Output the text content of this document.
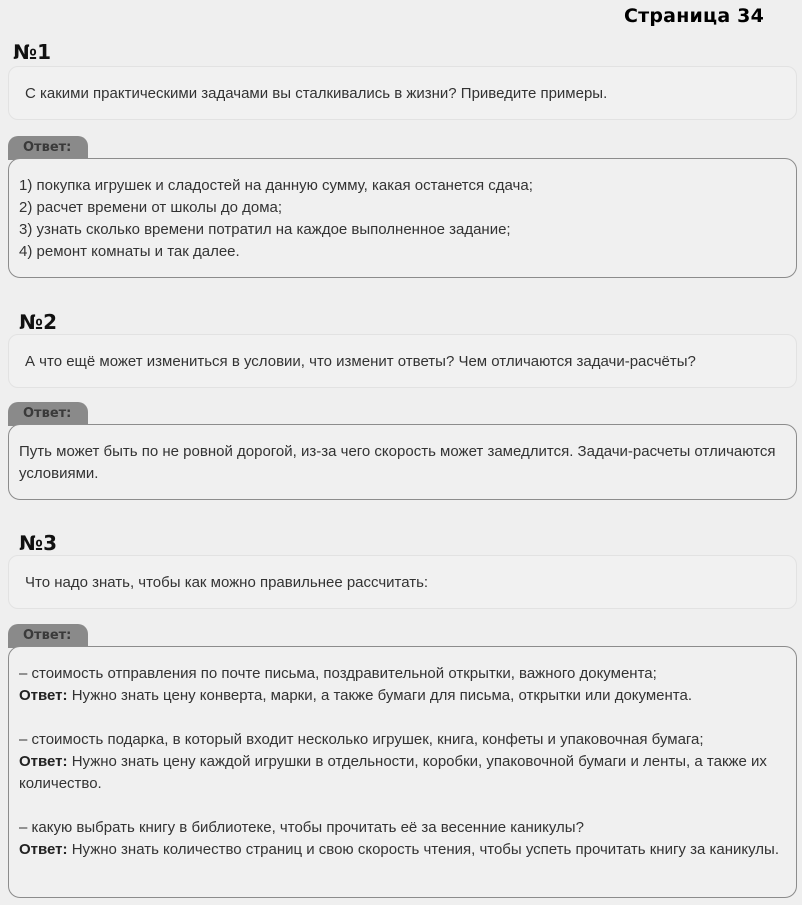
Страница 34
№1
С какими практическими задачами вы сталкивались в жизни? Приведите примеры.
Ответ:

1) покупка игрушек и сладостей на данную сумму, какая останется сдача;

2) расчет времени от школы до дома;

3) узнать сколько времени потратил на каждое выполненное задание;

4) ремонт комнаты и так далее.

№2
А что ещё может измениться в условии, что изменит ответы? Чем отличаются задачи-расчёты?
Ответ:

Путь может быть по не ровной дорогой, из-за чего скорость может замедлится. Задачи-расчеты отличаются условиями.

№3
Что надо знать, чтобы как можно правильнее рассчитать:
Ответ:

– стоимость отправления по почте письма, поздравительной открытки, важного документа;

Ответ: Нужно знать цену конверта, марки, а также бумаги для письма, открытки или документа.

– стоимость подарка, в который входит несколько игрушек, книга, конфеты и упаковочная бумага;

Ответ: Нужно знать цену каждой игрушки в отдельности, коробки, упаковочной бумаги и ленты, а также их количество.

– какую выбрать книгу в библиотеке, чтобы прочитать её за весенние каникулы?

Ответ: Нужно знать количество страниц и свою скорость чтения, чтобы успеть прочитать книгу за каникулы.
